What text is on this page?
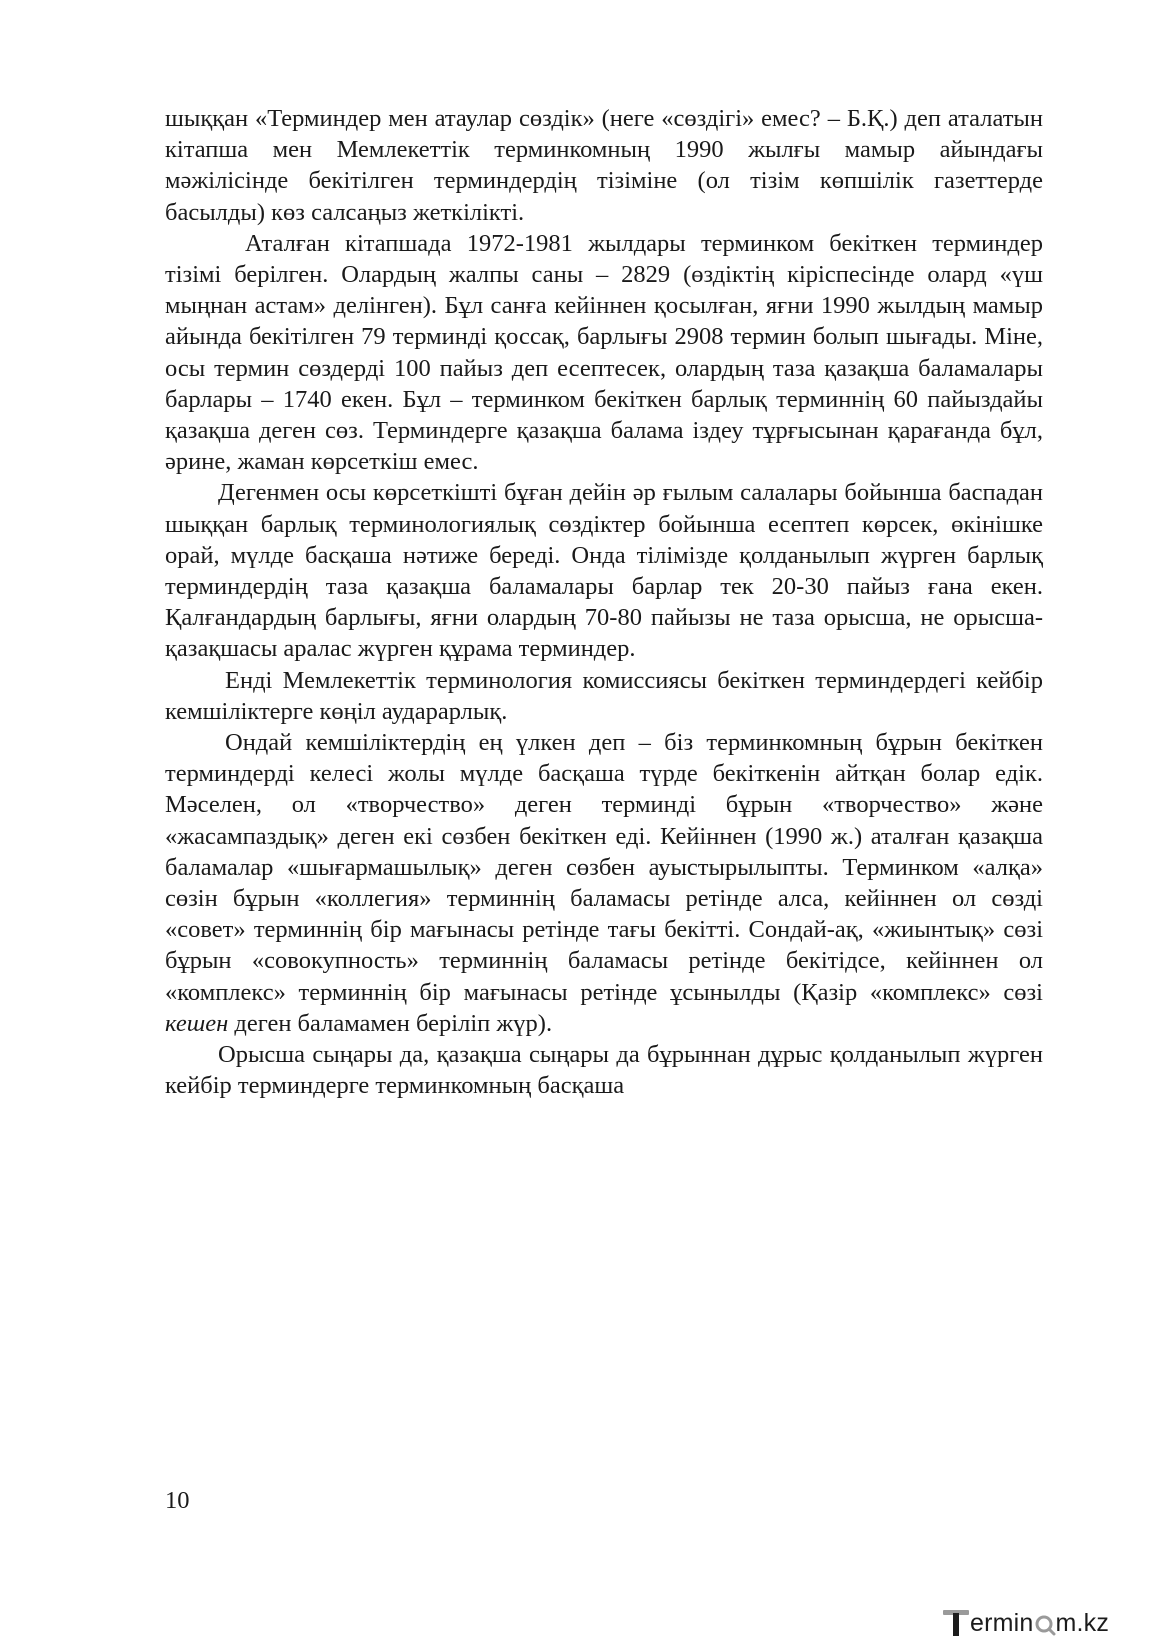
шыққан «Терминдер мен атаулар сөздік» (неге «сөздігі» емес? – Б.Қ.) деп аталатын кітапша мен Мемлекеттік терминкомның 1990 жылғы мамыр айындағы мәжілісінде бекітілген терминдердің тізіміне (ол тізім көпшілік газеттерде басылды) көз салсаңыз жеткілікті.

Аталған кітапшада 1972-1981 жылдары терминком бекіткен терминдер тізімі берілген. Олардың жалпы саны – 2829 (өздіктің кіріспесінде олард «үш мыңнан астам» делінген). Бұл санға кейіннен қосылған, яғни 1990 жылдың мамыр айында бекітілген 79 терминді қоссақ, барлығы 2908 термин болып шығады. Міне, осы термин сөздерді 100 пайыз деп есептесек, олардың таза қазақша баламалары барлары – 1740 екен. Бұл – терминком бекіткен барлық терминнің 60 пайыздайы қазақша деген сөз. Терминдерге қазақша балама іздеу тұрғысынан қарағанда бұл, әрине, жаман көрсеткіш емес.

Дегенмен осы көрсеткішті бұған дейін әр ғылым салалары бойынша баспадан шыққан барлық терминологиялық сөздіктер бойынша есептеп көрсек, өкінішке орай, мүлде басқаша нәтиже береді. Онда тілімізде қолданылып жүрген барлық терминдердің таза қазақша баламалары барлар тек 20-30 пайыз ғана екен. Қалғандардың барлығы, яғни олардың 70-80 пайызы не таза орысша, не орысша-қазақшасы аралас жүрген құрама терминдер.

Енді Мемлекеттік терминология комиссиясы бекіткен терминдердегі кейбір кемшіліктерге көңіл аударарлық.

Ондай кемшіліктердің ең үлкен деп – біз терминкомның бұрын бекіткен терминдерді келесі жолы мүлде басқаша түрде бекіткенін айтқан болар едік. Мәселен, ол «творчество» деген терминді бұрын «творчество» және «жасампаздық» деген екі сөзбен бекіткен еді. Кейіннен (1990 ж.) аталған қазақша баламалар «шығармашылық» деген сөзбен ауыстырылыпты. Терминком «алқа» сөзін бұрын «коллегия» терминнің баламасы ретінде алса, кейіннен ол сөзді «совет» терминнің бір мағынасы ретінде тағы бекітті. Сондай-ақ, «жиынтық» сөзі бұрын «совокупность» терминнің баламасы ретінде бекітідсе, кейіннен ол «комплекс» терминнің бір мағынасы ретінде ұсынылды (Қазір «комплекс» сөзі кешен деген баламамен беріліп жүр).

Орысша сыңары да, қазақша сыңары да бұрыннан дұрыс қолданылып жүрген кейбір терминдерге терминкомның басқаша

10
ermin m.kz
